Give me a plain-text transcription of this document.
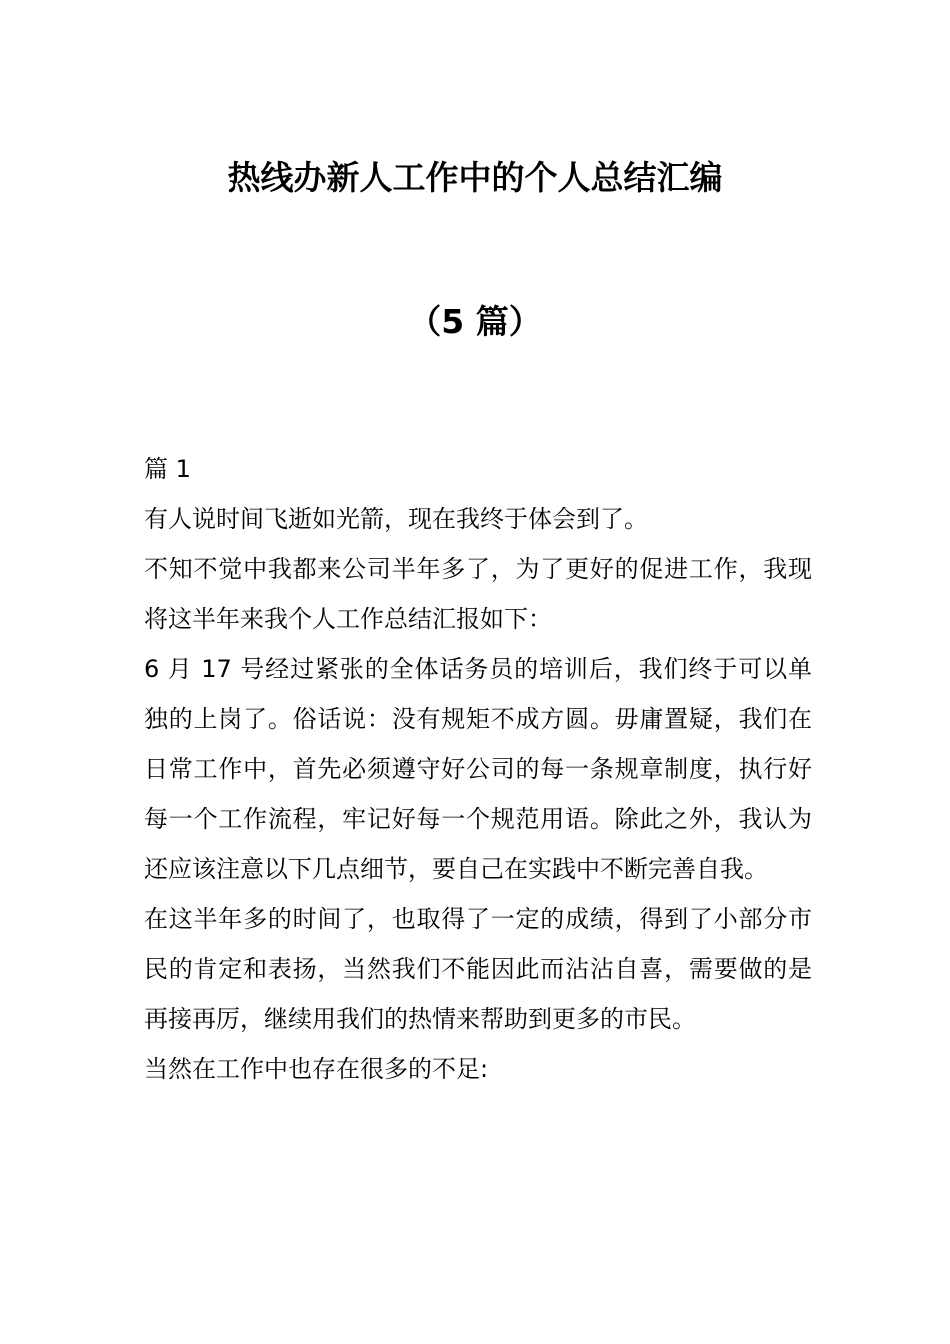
热线办新人工作中的个人总结汇编
（5 篇）

篇 1

有人说时间飞逝如光箭，现在我终于体会到了。

不知不觉中我都来公司半年多了，为了更好的促进工作，我现将这半年来我个人工作总结汇报如下：

6 月 17 号经过紧张的全体话务员的培训后，我们终于可以单独的上岗了。俗话说：没有规矩不成方圆。毋庸置疑，我们在日常工作中，首先必须遵守好公司的每一条规章制度，执行好每一个工作流程，牢记好每一个规范用语。除此之外，我认为还应该注意以下几点细节，要自己在实践中不断完善自我。

在这半年多的时间了，也取得了一定的成绩，得到了小部分市民的肯定和表扬，当然我们不能因此而沾沾自喜，需要做的是再接再厉，继续用我们的热情来帮助到更多的市民。

当然在工作中也存在很多的不足:
